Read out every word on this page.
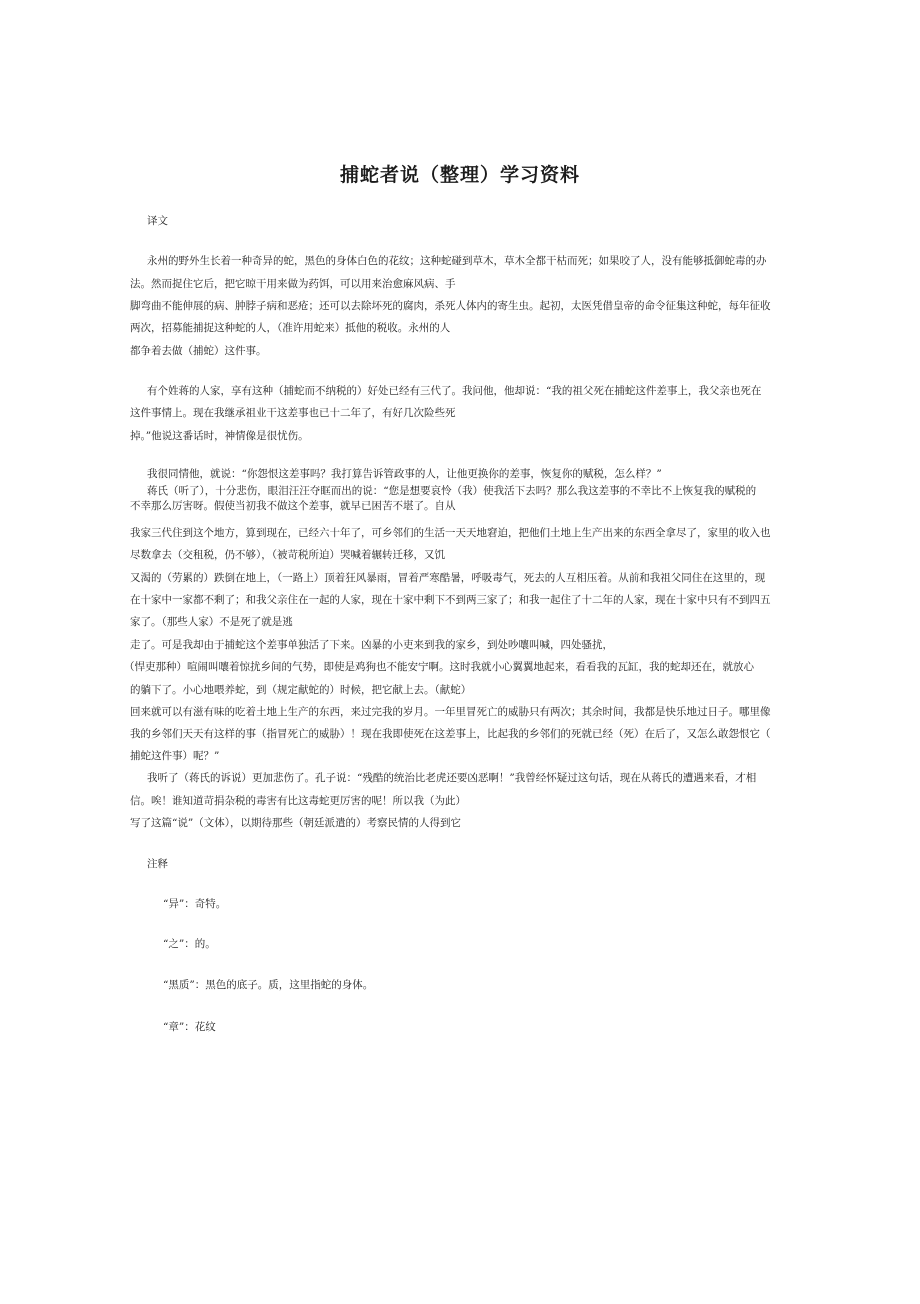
捕蛇者说（整理）学习资料

译文

永州的野外生长着一种奇异的蛇，黑色的身体白色的花纹；这种蛇碰到草木，草木全都干枯而死；如果咬了人，没有能够抵御蛇毒的办

法。然而捉住它后，把它晾干用来做为药饵，可以用来治愈麻风病、手

脚弯曲不能伸展的病、肿脖子病和恶疮；还可以去除坏死的腐肉，杀死人体内的寄生虫。起初，太医凭借皇帝的命令征集这种蛇，每年征收

两次，招募能捕捉这种蛇的人，（准许用蛇来）抵他的税收。永州的人

都争着去做（捕蛇）这件事。

有个姓蒋的人家，享有这种（捕蛇而不纳税的）好处已经有三代了。我问他，他却说：“我的祖父死在捕蛇这件差事上，我父亲也死在

这件事情上。现在我继承祖业干这差事也已十二年了，有好几次险些死

掉。”他说这番话时，神情像是很忧伤。

我很同情他，就说：“你怨恨这差事吗？我打算告诉管政事的人，让他更换你的差事，恢复你的赋税，怎么样？”

蒋氏（听了），十分悲伤，眼泪汪汪夺眶而出的说：“您是想要哀怜（我）使我活下去吗？那么我这差事的不幸比不上恢复我的赋税的

不幸那么厉害呀。假使当初我不做这个差事，就早已困苦不堪了。自从

我家三代住到这个地方，算到现在，已经六十年了，可乡邻们的生活一天天地窘迫，把他们土地上生产出来的东西全拿尽了，家里的收入也

尽数拿去（交租税，仍不够），（被苛税所迫）哭喊着辗转迁移，又饥

又渴的（劳累的）跌倒在地上，（一路上）顶着狂风暴雨，冒着严寒酷暑，呼吸毒气，死去的人互相压着。从前和我祖父同住在这里的，现

在十家中一家都不剩了；和我父亲住在一起的人家，现在十家中剩下不到两三家了；和我一起住了十二年的人家，现在十家中只有不到四五

家了。（那些人家）不是死了就是逃

走了。可是我却由于捕蛇这个差事单独活了下来。凶暴的小吏来到我的家乡，到处吵嚷叫喊，四处骚扰，

（悍吏那种）喧闹叫嚷着惊扰乡间的气势，即使是鸡狗也不能安宁啊。这时我就小心翼翼地起来，看看我的瓦缸，我的蛇却还在，就放心

的躺下了。小心地喂养蛇，到（规定献蛇的）时候，把它献上去。（献蛇）

回来就可以有滋有味的吃着土地上生产的东西，来过完我的岁月。一年里冒死亡的威胁只有两次；其余时间，我都是快乐地过日子。哪里像

我的乡邻们天天有这样的事（指冒死亡的威胁）！现在我即使死在这差事上，比起我的乡邻们的死就已经（死）在后了，又怎么敢怨恨它（

捕蛇这件事）呢？”

我听了（蒋氏的诉说）更加悲伤了。孔子说：“残酷的统治比老虎还要凶恶啊！”我曾经怀疑过这句话，现在从蒋氏的遭遇来看，才相

信。唉！谁知道苛捐杂税的毒害有比这毒蛇更厉害的呢！所以我（为此）

写了这篇“说”（文体），以期待那些（朝廷派遣的）考察民情的人得到它

注释

“异”：奇特。

“之”：的。

“黑质”：黑色的底子。质，这里指蛇的身体。

“章”：花纹
